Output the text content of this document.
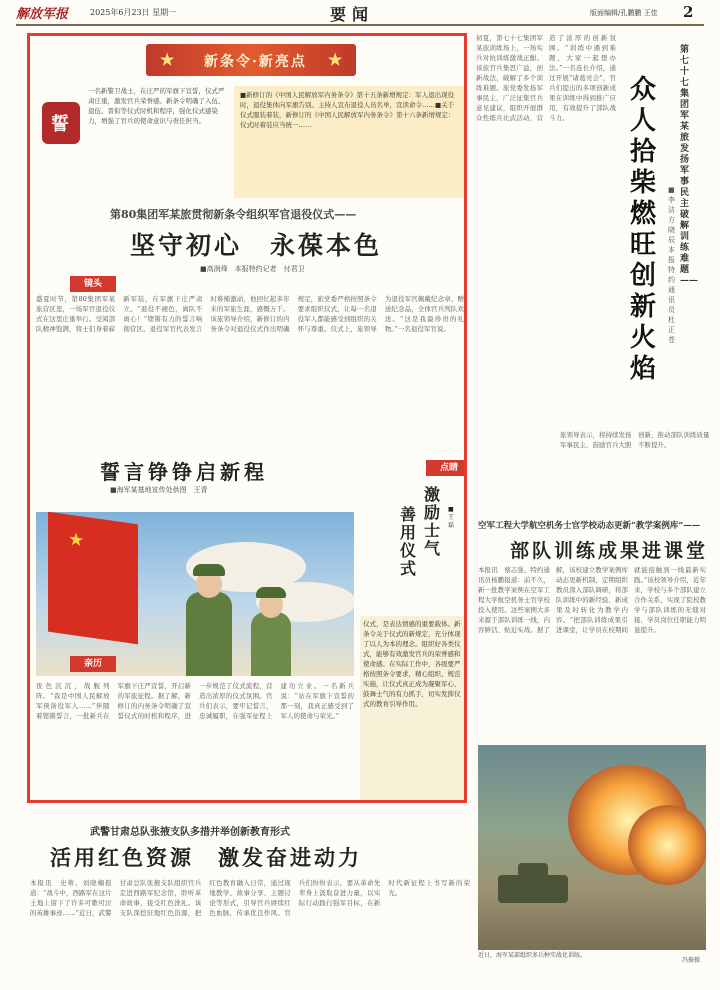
解放军报	2025年6月23日 星期一	要闻	版面编辑/孔鹏鹏 王佳 2
★ 新条令·新亮点 ★
誓
一名新警卫战士，在庄严的军旗下宣誓，仪式严肃庄重，激发官兵荣誉感。新条令明确了入伍、退伍、晋衔等仪式时机和程序，强化仪式感染力，增强了官兵的使命意识与责任担当。
■新修订的《中国人民解放军内务条令》第十五条新增规定：军人退出现役时，退役集体向军旗告别。主持人宣布退役人员名单，宣读命令……■关于仪式服装着装，新修订的《中国人民解放军内务条令》第十六条新增规定：仪式时着装应当统一……
第80集团军某旅贯彻新条令组织军官退役仪式——
坚守初心　永葆本色
■高润烽　本报特约记者　付君卫
镜头
盛夏时节，第80集团军某旅营区里，一场军官退役仪式在这里庄重举行。受阅部队精神饱满，将士们身着崭新军装，在军旗下庄严肃立。“退役不褪色，离队不离心！”铿锵有力的誓言响彻营区。退役军官代表发言时难掩激动，他回忆起多年来的军旅生涯，感慨万千。该旅领导介绍，新修订的内务条令对退役仪式作出明确规定，旅党委严格按照条令要求组织仪式，让每一名退役军人都能感受到组织的关怀与尊重。仪式上，旅领导为退役军官佩戴纪念章、赠送纪念品，全体官兵列队欢送。“这是我最珍贵的礼物。”一名退役军官说。
誓言铮铮启新程
■海军某基地宣传处供图　王青
★
点睛
激励士气
善用仪式
■王磊
仪式，是表达情感的重要载体。新条令关于仪式的新规定，充分体现了以人为本的理念。组织好各类仪式，能够有效激发官兵的荣誉感和使命感。在实际工作中，各级要严格按照条令要求，精心组织、规范实施，让仪式真正成为凝聚军心、鼓舞士气的有力抓手，切实发挥仪式的教育引导作用。
亲历
夜色沉沉，战舰列阵。“我是中国人民解放军预备役军人……”伴随着铿锵誓言，一批新兵在军旗下庄严宣誓，开启新的军旅征程。据了解，新修订的内务条令明确了宣誓仪式的时机和程序，进一步规范了仪式流程，营造出浓厚的仪式氛围。官兵们表示，要牢记誓言，忠诚履职，在强军征程上建功立业。一名新兵说：“站在军旗下宣誓的那一刻，我真正感受到了军人的使命与荣光。”
初夏，第七十七集团军某旅训练场上，一场实兵对抗训练激战正酣。该旅官兵集思广益，创新战法，破解了多个训练难题。旅党委发扬军事民主，广泛征集官兵意见建议，组织开展群众性练兵比武活动，营造了浓厚的创新氛围。“训练中遇到难题，大家一起想办法。”一名连长介绍，通过开展“诸葛亮会”，官兵们提出的多项创新成果在训练中得到推广应用，有效提升了部队战斗力。
第七十七集团军某旅发扬军事民主破解训练难题——
众人拾柴燃旺创新火焰
■李洁　方晓辰　本报特约通讯员　杜正苍
旅领导表示，将持续发扬军事民主，鼓励官兵大胆创新，推动部队训练质量不断提升。
空军工程大学航空机务士官学校动态更新“教学案例库”——
部队训练成果进课堂
本报讯　蔡志强、特约通讯员杨鹏报道：前不久，新一批教学案例在空军工程大学航空机务士官学校投入使用。这些案例大多来源于部队训练一线，内容鲜活、贴近实战。据了解，该校建立教学案例库动态更新机制，定期组织教员深入部队调研，将部队训练中的新经验、新成果及时转化为教学内容。“把部队训练成果引进课堂，让学员在校期间就能接触到一线最新实践。”该校领导介绍，近年来，学校与多个部队建立合作关系，实现了院校教学与部队训练的无缝对接，学员岗位任职能力明显提升。
近日，海军某部组织多兵种实战化训练。
冯振摄
武警甘肃总队张掖支队多措并举创新教育形式
活用红色资源　激发奋进动力
本报讯　史蒂、刘晓楠报道：“战斗中，西路军在这片土地上留下了许多可歌可泣的英雄事迹……”近日，武警甘肃总队张掖支队组织官兵走进西路军纪念馆，聆听革命故事，接受红色洗礼。该支队深挖驻地红色资源，把红色教育融入日常，通过现地教学、故事分享、主题讨论等形式，引导官兵赓续红色血脉，传承优良作风。官兵们纷纷表示，要从革命先辈身上汲取奋进力量，以实际行动践行强军目标，在新时代新征程上书写新的荣光。
